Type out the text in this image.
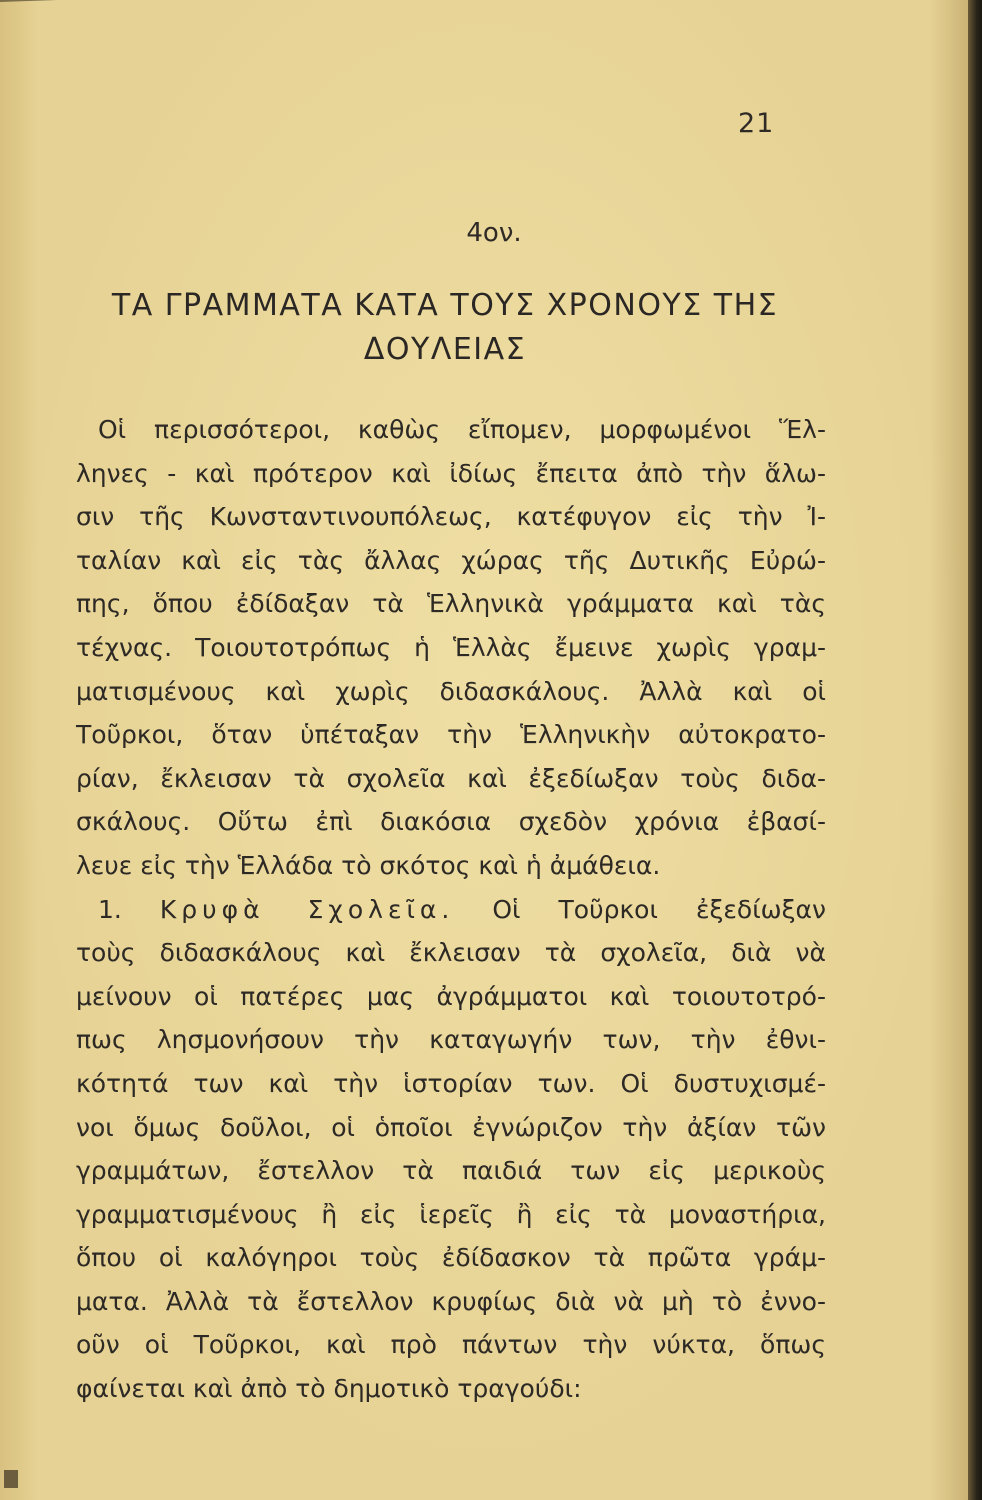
21
4ον.
ΤΑ ΓΡΑΜΜΑΤΑ ΚΑΤΑ ΤΟΥΣ ΧΡΟΝΟΥΣ ΤΗΣ
ΔΟΥΛΕΙΑΣ
Οἱ περισσότεροι, καθὼς εἴπομεν, μορφωμένοι Ἕλ-
ληνες - καὶ πρότερον καὶ ἰδίως ἔπειτα ἀπὸ τὴν ἅλω-
σιν τῆς Κωνσταντινουπόλεως, κατέφυγον εἰς τὴν Ἰ-
ταλίαν καὶ εἰς τὰς ἄλλας χώρας τῆς Δυτικῆς Εὐρώ-
πης, ὅπου ἐδίδαξαν τὰ Ἑλληνικὰ γράμματα καὶ τὰς
τέχνας. Τοιουτοτρόπως ἡ Ἑλλὰς ἔμεινε χωρὶς γραμ-
ματισμένους καὶ χωρὶς διδασκάλους. Ἀλλὰ καὶ οἱ
Τοῦρκοι, ὅταν ὑπέταξαν τὴν Ἑλληνικὴν αὐτοκρατο-
ρίαν, ἔκλεισαν τὰ σχολεῖα καὶ ἐξεδίωξαν τοὺς διδα-
σκάλους. Οὕτω ἐπὶ διακόσια σχεδὸν χρόνια ἐβασί-
λευε εἰς τὴν Ἑλλάδα τὸ σκότος καὶ ἡ ἀμάθεια.
1. Κρυφὰ Σχολεῖα. Οἱ Τοῦρκοι ἐξεδίωξαν
τοὺς διδασκάλους καὶ ἔκλεισαν τὰ σχολεῖα, διὰ νὰ
μείνουν οἱ πατέρες μας ἀγράμματοι καὶ τοιουτοτρό-
πως λησμονήσουν τὴν καταγωγήν των, τὴν ἐθνι-
κότητά των καὶ τὴν ἱστορίαν των. Οἱ δυστυχισμέ-
νοι ὅμως δοῦλοι, οἱ ὁποῖοι ἐγνώριζον τὴν ἀξίαν τῶν
γραμμάτων, ἔστελλον τὰ παιδιά των εἰς μερικοὺς
γραμματισμένους ἢ εἰς ἱερεῖς ἢ εἰς τὰ μοναστήρια,
ὅπου οἱ καλόγηροι τοὺς ἐδίδασκον τὰ πρῶτα γράμ-
ματα. Ἀλλὰ τὰ ἔστελλον κρυφίως διὰ νὰ μὴ τὸ ἐννο-
οῦν οἱ Τοῦρκοι, καὶ πρὸ πάντων τὴν νύκτα, ὅπως
φαίνεται καὶ ἀπὸ τὸ δημοτικὸ τραγούδι:
